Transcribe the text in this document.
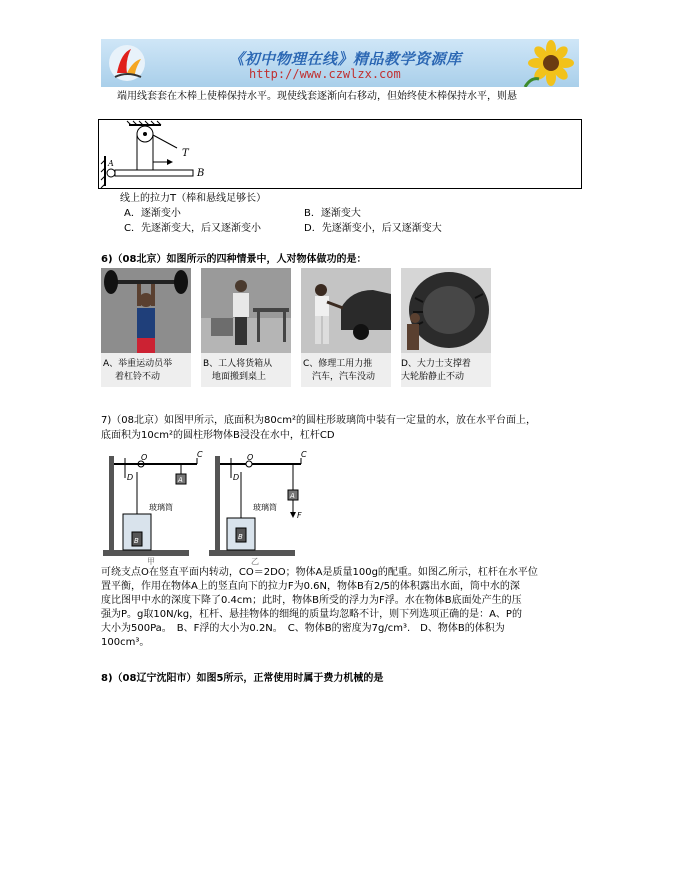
《初中物理在线》精品教学资源库
http://www.czwlzx.com
端用线套套在木棒上使棒保持水平。现使线套逐渐向右移动，但始终使木棒保持水平，则悬
T
B
A
线上的拉力T（棒和悬线足够长）
A．逐渐变小	B．逐渐变大
C．先逐渐变大，后又逐渐变小	D．先逐渐变小，后又逐渐变大
6)（08北京）如图所示的四种情景中，人对物体做功的是：
A、举重运动员举
着杠铃不动
B、工人将货箱从
地面搬到桌上
C、修理工用力推
汽车，汽车没动
D、大力士支撑着
大轮胎静止不动
7)（08北京）如图甲所示，底面积为80cm²的圆柱形玻璃筒中装有一定量的水，放在水平台面上，
底面积为10cm²的圆柱形物体B浸没在水中，杠杆CD
C
O
D	A
B
玻璃筒
甲
C
O
D
A
B
F
玻璃筒
乙
可绕支点O在竖直平面内转动，CO＝2DO；物体A是质量100g的配重。如图乙所示，杠杆在水平位
置平衡，作用在物体A上的竖直向下的拉力F为0.6N，物体B有2/5的体积露出水面，筒中水的深
度比图甲中水的深度下降了0.4cm；此时，物体B所受的浮力为F浮。水在物体B底面处产生的压
强为P。g取10N/kg，杠杆、悬挂物体的细绳的质量均忽略不计，则下列选项正确的是：A、P的
大小为500Pa。　B、F浮的大小为0.2N。　C、物体B的密度为7g/cm³.　D、物体B的体积为
100cm³。
8)（08辽宁沈阳市）如图5所示，正常使用时属于费力机械的是
